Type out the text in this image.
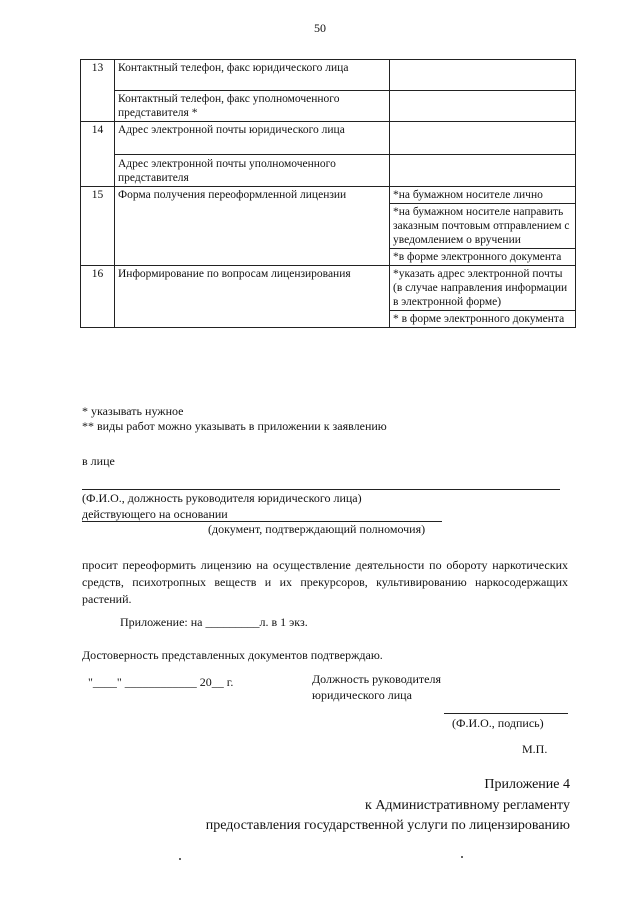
50
13	Контактный телефон, факс юридического лица	
	Контактный телефон, факс уполномоченного представителя *	
14	Адрес электронной почты юридического лица	
	Адрес электронной почты уполномоченного представителя	
15	Форма получения переоформленной лицензии		*на бумажном носителе лично
*на бумажном носителе направить заказным почтовым отправлением с уведомлением о вручении
*в форме электронного документа

16	Информирование по вопросам лицензирования		*указать адрес электронной почты (в случае направления информации в электронной форме)
* в форме электронного документа
* указывать нужное
** виды работ можно указывать в приложении к заявлению
в лице
(Ф.И.О., должность руководителя юридического лица)
действующего на основании
(документ, подтверждающий полномочия)
просит переоформить лицензию на осуществление деятельности по обороту наркотических средств, психотропных веществ и их прекурсоров, культивированию наркосодержащих растений.
Приложение: на _________л. в 1 экз.
Достоверность представленных документов подтверждаю.
"____" ____________ 20__ г.	Должность руководителя
юридического лица
(Ф.И.О., подпись)
М.П.
Приложение 4
к Административному регламенту
предоставления государственной услуги по лицензированию
